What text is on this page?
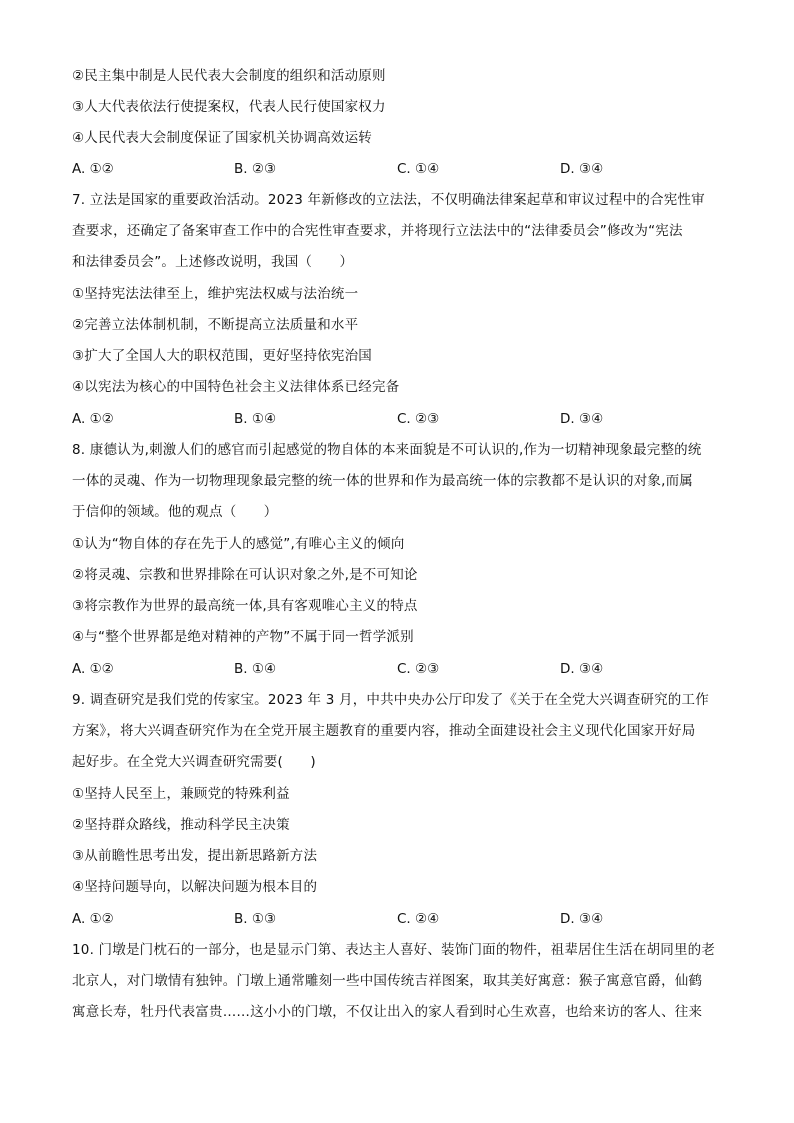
②民主集中制是人民代表大会制度的组织和活动原则
③人大代表依法行使提案权，代表人民行使国家权力
④人民代表大会制度保证了国家机关协调高效运转
A. ①②	B. ②③	C. ①④	D. ③④
7. 立法是国家的重要政治活动。2023 年新修改的立法法，不仅明确法律案起草和审议过程中的合宪性审
查要求，还确定了备案审查工作中的合宪性审查要求，并将现行立法法中的“法律委员会”修改为“宪法
和法律委员会”。上述修改说明，我国（　　）
①坚持宪法法律至上，维护宪法权威与法治统一
②完善立法体制机制，不断提高立法质量和水平
③扩大了全国人大的职权范围，更好坚持依宪治国
④以宪法为核心的中国特色社会主义法律体系已经完备
A. ①②	B. ①④	C. ②③	D. ③④
8. 康德认为,刺激人们的感官而引起感觉的物自体的本来面貌是不可认识的,作为一切精神现象最完整的统
一体的灵魂、作为一切物理现象最完整的统一体的世界和作为最高统一体的宗教都不是认识的对象,而属
于信仰的领域。他的观点（　　）
①认为“物自体的存在先于人的感觉”,有唯心主义的倾向
②将灵魂、宗教和世界排除在可认识对象之外,是不可知论
③将宗教作为世界的最高统一体,具有客观唯心主义的特点
④与“整个世界都是绝对精神的产物”不属于同一哲学派别
A. ①②	B. ①④	C. ②③	D. ③④
9. 调查研究是我们党的传家宝。2023 年 3 月，中共中央办公厅印发了《关于在全党大兴调查研究的工作
方案》，将大兴调查研究作为在全党开展主题教育的重要内容，推动全面建设社会主义现代化国家开好局
起好步。在全党大兴调查研究需要(　　)
①坚持人民至上，兼顾党的特殊利益
②坚持群众路线，推动科学民主决策
③从前瞻性思考出发，提出新思路新方法
④坚持问题导向，以解决问题为根本目的
A. ①②	B. ①③	C. ②④	D. ③④
10. 门墩是门枕石的一部分，也是显示门第、表达主人喜好、装饰门面的物件，祖辈居住生活在胡同里的老
北京人，对门墩情有独钟。门墩上通常雕刻一些中国传统吉祥图案，取其美好寓意：猴子寓意官爵，仙鹤
寓意长寿，牡丹代表富贵……这小小的门墩，不仅让出入的家人看到时心生欢喜，也给来访的客人、往来
